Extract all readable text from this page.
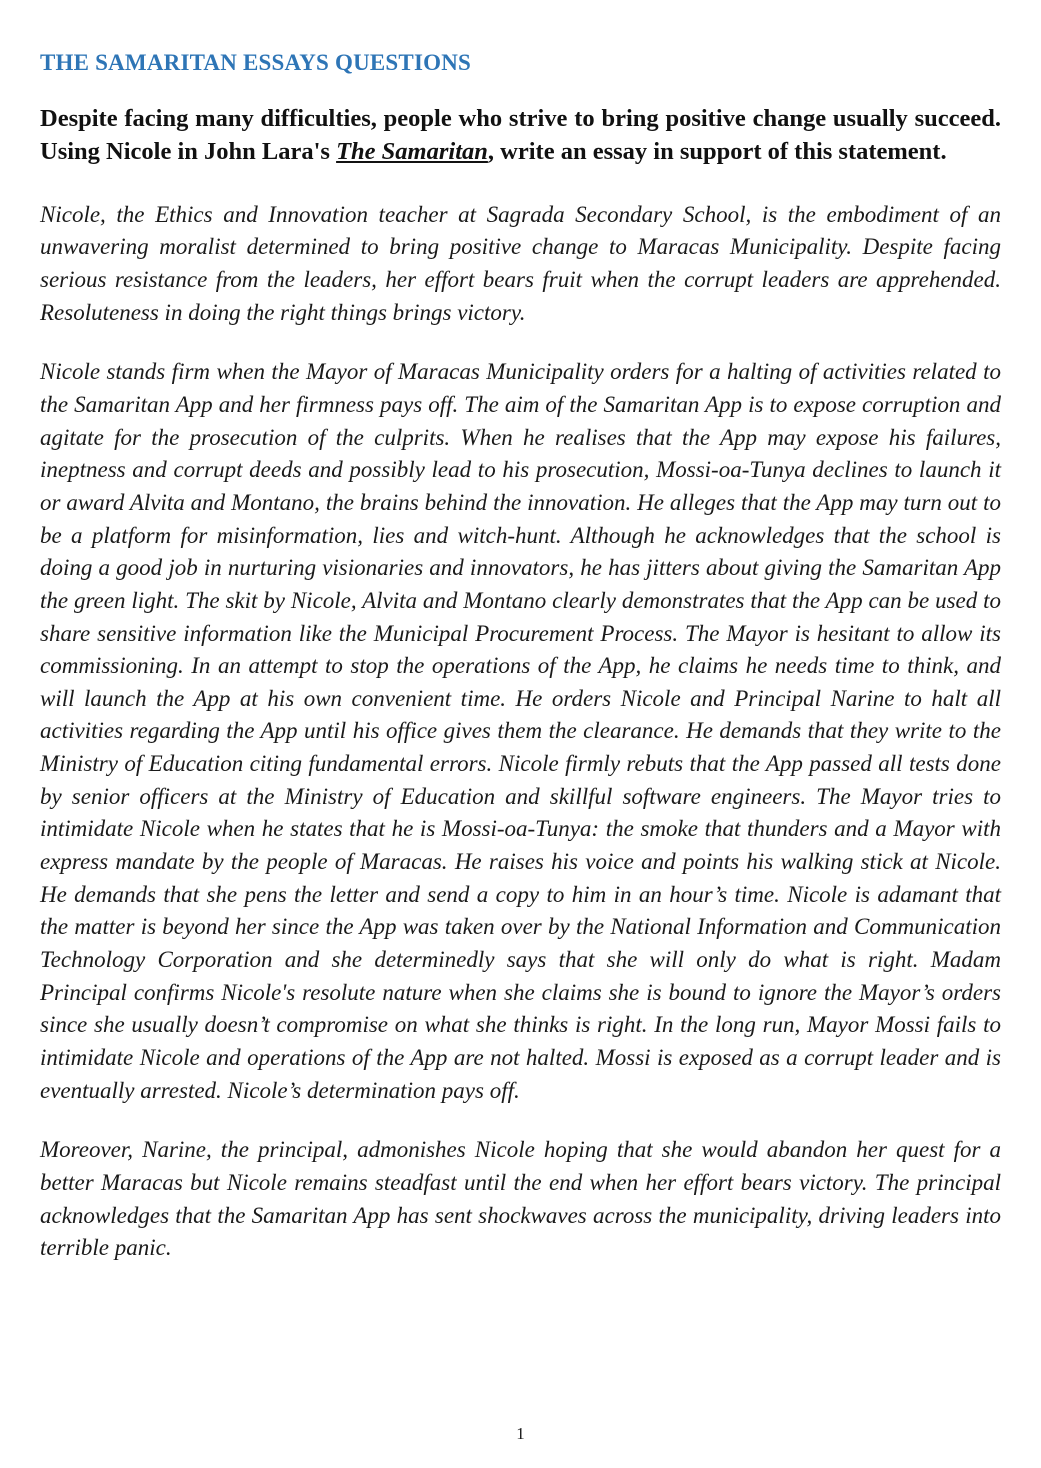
THE SAMARITAN ESSAYS QUESTIONS

Despite facing many difficulties, people who strive to bring positive change usually succeed. Using Nicole in John Lara's The Samaritan, write an essay in support of this statement.

Nicole, the Ethics and Innovation teacher at Sagrada Secondary School, is the embodiment of an unwavering moralist determined to bring positive change to Maracas Municipality. Despite facing serious resistance from the leaders, her effort bears fruit when the corrupt leaders are apprehended. Resoluteness in doing the right things brings victory.

Nicole stands firm when the Mayor of Maracas Municipality orders for a halting of activities related to the Samaritan App and her firmness pays off. The aim of the Samaritan App is to expose corruption and agitate for the prosecution of the culprits. When he realises that the App may expose his failures, ineptness and corrupt deeds and possibly lead to his prosecution, Mossi-oa-Tunya declines to launch it or award Alvita and Montano, the brains behind the innovation. He alleges that the App may turn out to be a platform for misinformation, lies and witch-hunt. Although he acknowledges that the school is doing a good job in nurturing visionaries and innovators, he has jitters about giving the Samaritan App the green light. The skit by Nicole, Alvita and Montano clearly demonstrates that the App can be used to share sensitive information like the Municipal Procurement Process. The Mayor is hesitant to allow its commissioning. In an attempt to stop the operations of the App, he claims he needs time to think, and will launch the App at his own convenient time. He orders Nicole and Principal Narine to halt all activities regarding the App until his office gives them the clearance. He demands that they write to the Ministry of Education citing fundamental errors. Nicole firmly rebuts that the App passed all tests done by senior officers at the Ministry of Education and skillful software engineers. The Mayor tries to intimidate Nicole when he states that he is Mossi-oa-Tunya: the smoke that thunders and a Mayor with express mandate by the people of Maracas. He raises his voice and points his walking stick at Nicole. He demands that she pens the letter and send a copy to him in an hour’s time. Nicole is adamant that the matter is beyond her since the App was taken over by the National Information and Communication Technology Corporation and she determinedly says that she will only do what is right. Madam Principal confirms Nicole's resolute nature when she claims she is bound to ignore the Mayor’s orders since she usually doesn’t compromise on what she thinks is right. In the long run, Mayor Mossi fails to intimidate Nicole and operations of the App are not halted. Mossi is exposed as a corrupt leader and is eventually arrested. Nicole’s determination pays off.

Moreover, Narine, the principal, admonishes Nicole hoping that she would abandon her quest for a better Maracas but Nicole remains steadfast until the end when her effort bears victory. The principal acknowledges that the Samaritan App has sent shockwaves across the municipality, driving leaders into terrible panic.

1
